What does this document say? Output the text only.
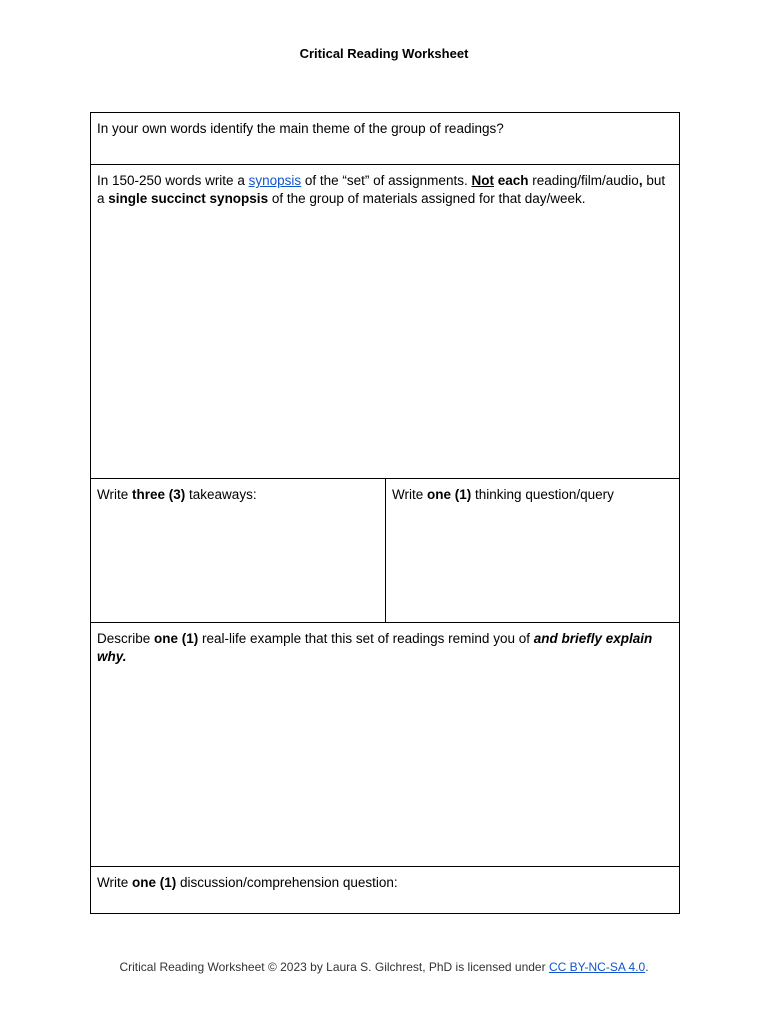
Critical Reading Worksheet
In your own words identify the main theme of the group of readings?
In 150-250 words write a synopsis of the “set” of assignments. Not each reading/film/audio, but a single succinct synopsis of the group of materials assigned for that day/week.
Write three (3) takeaways:	Write one (1) thinking question/query
Describe one (1) real-life example that this set of readings remind you of and briefly explain why.
Write one (1) discussion/comprehension question:
Critical Reading Worksheet © 2023 by Laura S. Gilchrest, PhD is licensed under CC BY-NC-SA 4.0.
